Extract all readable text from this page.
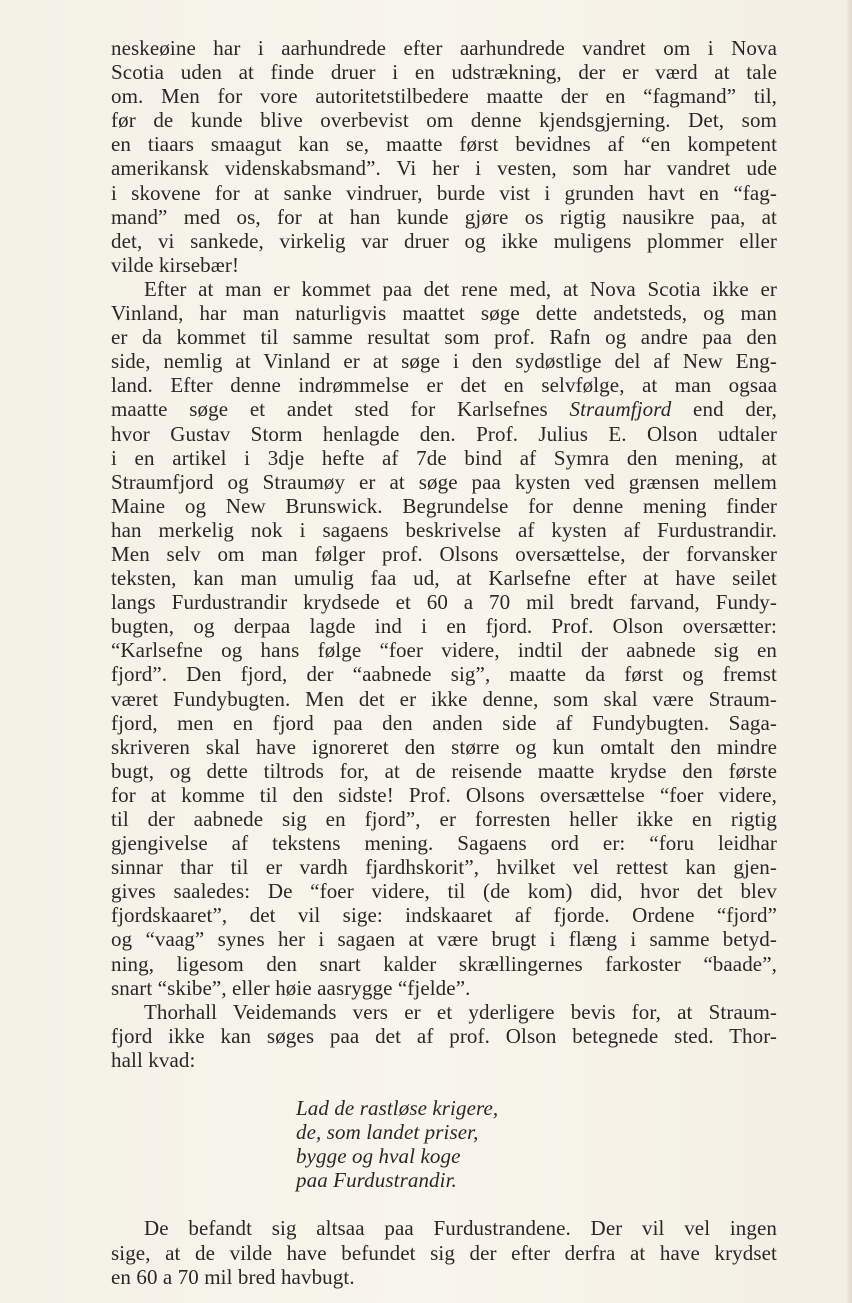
neskeøine har i aarhundrede efter aarhundrede vandret om i Nova
Scotia uden at finde druer i en udstrækning, der er værd at tale
om. Men for vore autoritetstilbedere maatte der en “fagmand” til,
før de kunde blive overbevist om denne kjendsgjerning. Det, som
en tiaars smaagut kan se, maatte først bevidnes af “en kompetent
amerikansk videnskabsmand”. Vi her i vesten, som har vandret ude
i skovene for at sanke vindruer, burde vist i grunden havt en “fag-
mand” med os, for at han kunde gjøre os rigtig nausikre paa, at
det, vi sankede, virkelig var druer og ikke muligens plommer eller
vilde kirsebær!
Efter at man er kommet paa det rene med, at Nova Scotia ikke er
Vinland, har man naturligvis maattet søge dette andetsteds, og man
er da kommet til samme resultat som prof. Rafn og andre paa den
side, nemlig at Vinland er at søge i den sydøstlige del af New Eng-
land. Efter denne indrømmelse er det en selvfølge, at man ogsaa
maatte søge et andet sted for Karlsefnes Straumfjord end der,
hvor Gustav Storm henlagde den. Prof. Julius E. Olson udtaler
i en artikel i 3dje hefte af 7de bind af Symra den mening, at
Straumfjord og Straumøy er at søge paa kysten ved grænsen mellem
Maine og New Brunswick. Begrundelse for denne mening finder
han merkelig nok i sagaens beskrivelse af kysten af Furdustrandir.
Men selv om man følger prof. Olsons oversættelse, der forvansker
teksten, kan man umulig faa ud, at Karlsefne efter at have seilet
langs Furdustrandir krydsede et 60 a 70 mil bredt farvand, Fundy-
bugten, og derpaa lagde ind i en fjord. Prof. Olson oversætter:
“Karlsefne og hans følge “foer videre, indtil der aabnede sig en
fjord”. Den fjord, der “aabnede sig”, maatte da først og fremst
været Fundybugten. Men det er ikke denne, som skal være Straum-
fjord, men en fjord paa den anden side af Fundybugten. Saga-
skriveren skal have ignoreret den større og kun omtalt den mindre
bugt, og dette tiltrods for, at de reisende maatte krydse den første
for at komme til den sidste! Prof. Olsons oversættelse “foer videre,
til der aabnede sig en fjord”, er forresten heller ikke en rigtig
gjengivelse af tekstens mening. Sagaens ord er: “foru leidhar
sinnar thar til er vardh fjardhskorit”, hvilket vel rettest kan gjen-
gives saaledes: De “foer videre, til (de kom) did, hvor det blev
fjordskaaret”, det vil sige: indskaaret af fjorde. Ordene “fjord”
og “vaag” synes her i sagaen at være brugt i flæng i samme betyd-
ning, ligesom den snart kalder skrællingernes farkoster “baade”,
snart “skibe”, eller høie aasrygge “fjelde”.
Thorhall Veidemands vers er et yderligere bevis for, at Straum-
fjord ikke kan søges paa det af prof. Olson betegnede sted. Thor-
hall kvad:
Lad de rastløse krigere,
de, som landet priser,
bygge og hval koge
paa Furdustrandir.
De befandt sig altsaa paa Furdustrandene. Der vil vel ingen
sige, at de vilde have befundet sig der efter derfra at have krydset
en 60 a 70 mil bred havbugt.
